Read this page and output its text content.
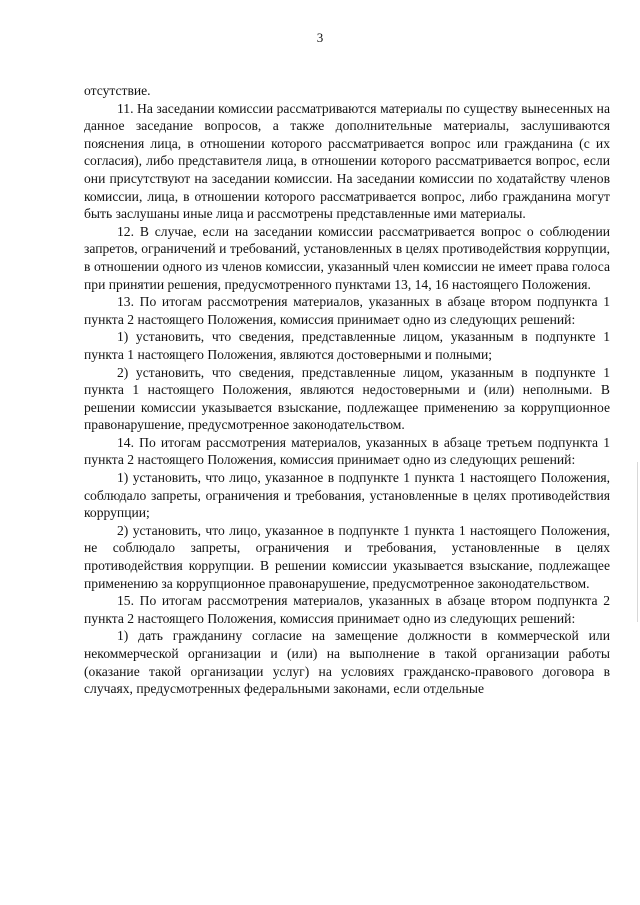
3

отсутствие.

11. На заседании комиссии рассматриваются материалы по существу вынесенных на данное заседание вопросов, а также дополнительные материалы, заслушиваются пояснения лица, в отношении которого рассматривается вопрос или гражданина (с их согласия), либо представителя лица, в отношении которого рассматривается вопрос, если они присутствуют на заседании комиссии. На заседании комиссии по ходатайству членов комиссии, лица, в отношении которого рассматривается вопрос, либо гражданина могут быть заслушаны иные лица и рассмотрены представленные ими материалы.

12. В случае, если на заседании комиссии рассматривается вопрос о соблюдении запретов, ограничений и требований, установленных в целях противодействия коррупции, в отношении одного из членов комиссии, указанный член комиссии не имеет права голоса при принятии решения, предусмотренного пунктами 13, 14, 16 настоящего Положения.

13. По итогам рассмотрения материалов, указанных в абзаце втором подпункта 1 пункта 2 настоящего Положения, комиссия принимает одно из следующих решений:

1) установить, что сведения, представленные лицом, указанным в подпункте 1 пункта 1 настоящего Положения, являются достоверными и полными;

2) установить, что сведения, представленные лицом, указанным в подпункте 1 пункта 1 настоящего Положения, являются недостоверными и (или) неполными. В решении комиссии указывается взыскание, подлежащее применению за коррупционное правонарушение, предусмотренное законодательством.

14. По итогам рассмотрения материалов, указанных в абзаце третьем подпункта 1 пункта 2 настоящего Положения, комиссия принимает одно из следующих решений:

1) установить, что лицо, указанное в подпункте 1 пункта 1 настоящего Положения, соблюдало запреты, ограничения и требования, установленные в целях противодействия коррупции;

2) установить, что лицо, указанное в подпункте 1 пункта 1 настоящего Положения, не соблюдало запреты, ограничения и требования, установленные в целях противодействия коррупции. В решении комиссии указывается взыскание, подлежащее применению за коррупционное правонарушение, предусмотренное законодательством.

15. По итогам рассмотрения материалов, указанных в абзаце втором подпункта 2 пункта 2 настоящего Положения, комиссия принимает одно из следующих решений:

1) дать гражданину согласие на замещение должности в коммерческой или некоммерческой организации и (или) на выполнение в такой организации работы (оказание такой организации услуг) на условиях гражданско-правового договора в случаях, предусмотренных федеральными законами, если отдельные
